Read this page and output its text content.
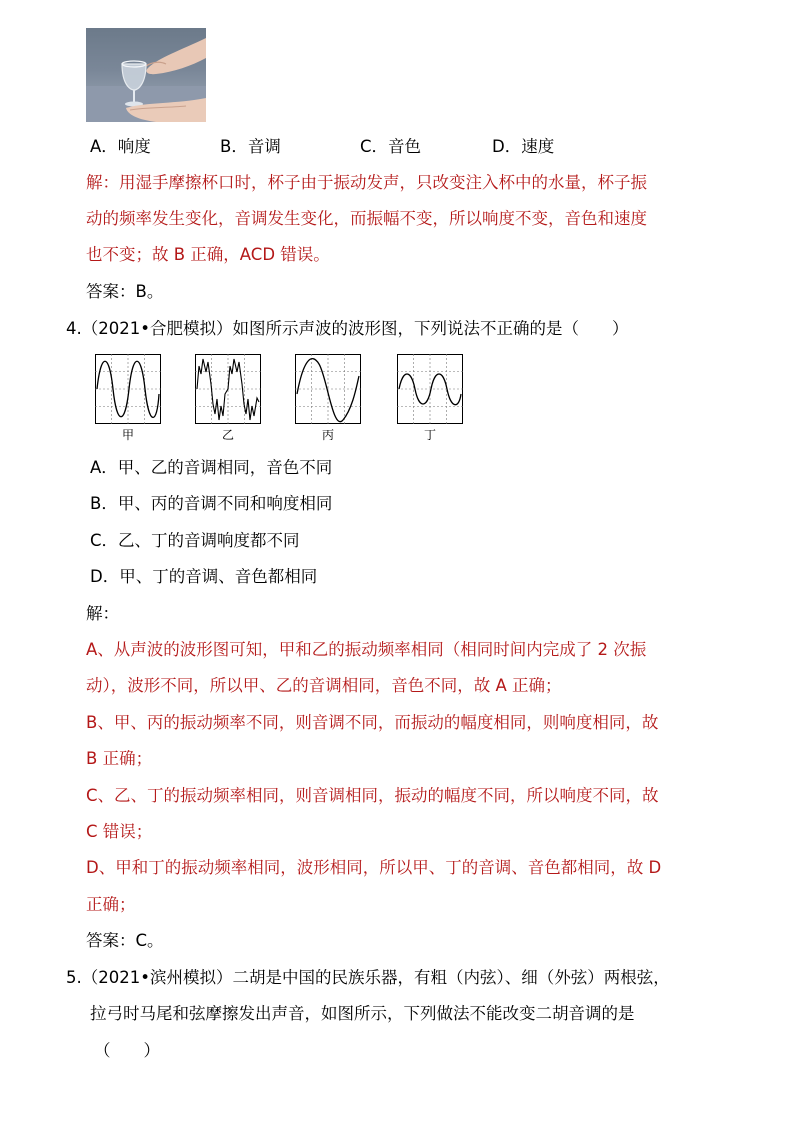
A．响度	B．音调	C．音色	D．速度
解：用湿手摩擦杯口时，杯子由于振动发声，只改变注入杯中的水量，杯子振
动的频率发生变化，音调发生变化，而振幅不变，所以响度不变，音色和速度
也不变；故 B 正确，ACD 错误。
答案：B。
4.（2021•合肥模拟）如图所示声波的波形图，下列说法不正确的是（　　）
甲	乙	丙	丁
A．甲、乙的音调相同，音色不同
B．甲、丙的音调不同和响度相同
C．乙、丁的音调响度都不同
D．甲、丁的音调、音色都相同
解：
A、从声波的波形图可知，甲和乙的振动频率相同（相同时间内完成了 2 次振
动），波形不同，所以甲、乙的音调相同，音色不同，故 A 正确；
B、甲、丙的振动频率不同，则音调不同，而振动的幅度相同，则响度相同，故
B 正确；
C、乙、丁的振动频率相同，则音调相同，振动的幅度不同，所以响度不同，故
C 错误；
D、甲和丁的振动频率相同，波形相同，所以甲、丁的音调、音色都相同，故 D
正确；
答案：C。
5.（2021•滨州模拟）二胡是中国的民族乐器，有粗（内弦）、细（外弦）两根弦，
拉弓时马尾和弦摩擦发出声音，如图所示，下列做法不能改变二胡音调的是
（　　）
